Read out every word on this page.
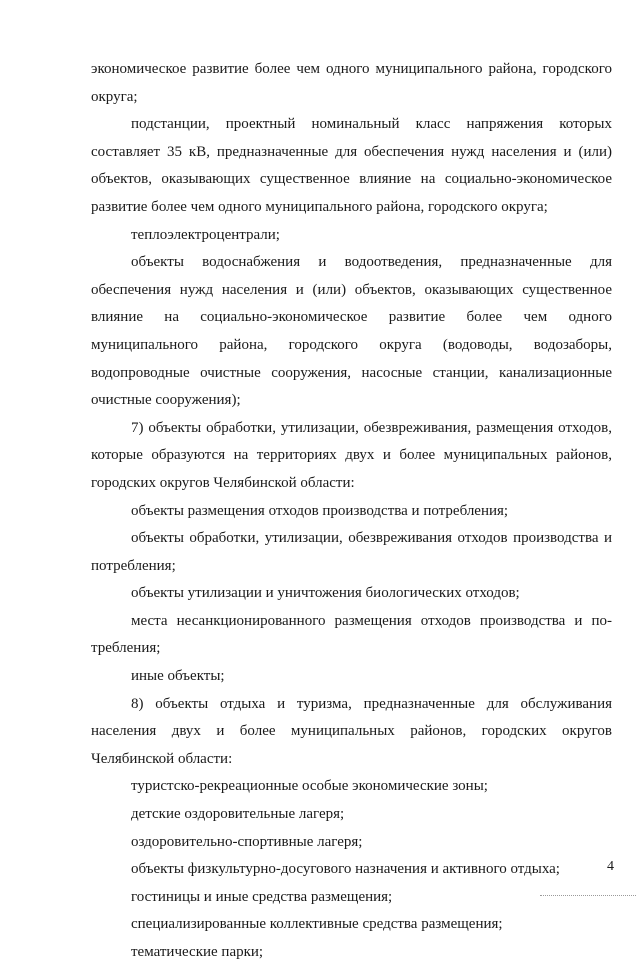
экономическое развитие более чем одного муниципального района, городского округа;

подстанции, проектный номинальный класс напряжения которых составляет 35 кВ, предназначенные для обеспечения нужд населения и (или) объектов, оказывающих существенное влияние на социально-экономическое развитие более чем одного муниципального района, городского округа;

теплоэлектроцентрали;

объекты водоснабжения и водоотведения, предназначенные для обеспечения нужд населения и (или) объектов, оказывающих существенное влияние на социально-экономическое развитие более чем одного муниципального района, городского округа (водоводы, водозаборы, водопроводные очистные сооружения, насосные станции, канализационные очистные сооружения);

7) объекты обработки, утилизации, обезвреживания, размещения отходов, которые образуются на территориях двух и более муниципальных районов, городских округов Челябинской области:

объекты размещения отходов производства и потребления;

объекты обработки, утилизации, обезвреживания отходов производства и потребления;

объекты утилизации и уничтожения биологических отходов;

места несанкционированного размещения отходов производства и потребления;

иные объекты;

8) объекты отдыха и туризма, предназначенные для обслуживания населения двух и более муниципальных районов, городских округов Челябинской области:

туристско-рекреационные особые экономические зоны;

детские оздоровительные лагеря;

оздоровительно-спортивные лагеря;

объекты физкультурно-досугового назначения и активного отдыха;

гостиницы и иные средства размещения;

специализированные коллективные средства размещения;

тематические парки;

4
